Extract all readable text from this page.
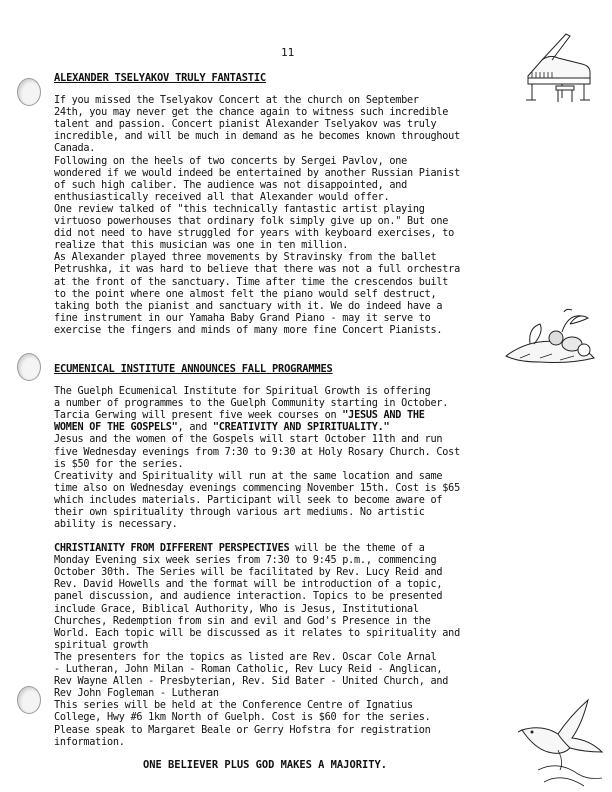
11
ALEXANDER TSELYAKOV TRULY FANTASTIC
If you missed the Tselyakov Concert at the church on September
24th, you may never get the chance again to witness such incredible
talent and passion. Concert pianist Alexander Tselyakov was truly
incredible, and will be much in demand as he becomes known throughout
Canada.
Following on the heels of two concerts by Sergei Pavlov, one
wondered if we would indeed be entertained by another Russian Pianist
of such high caliber. The audience was not disappointed, and
enthusiastically received all that Alexander would offer.
One review talked of "this technically fantastic artist playing
virtuoso powerhouses that ordinary folk simply give up on." But one
did not need to have struggled for years with keyboard exercises, to
realize that this musician was one in ten million.
As Alexander played three movements by Stravinsky from the ballet
Petrushka, it was hard to believe that there was not a full orchestra
at the front of the sanctuary. Time after time the crescendos built
to the point where one almost felt the piano would self destruct,
taking both the pianist and sanctuary with it. We do indeed have a
fine instrument in our Yamaha Baby Grand Piano - may it serve to
exercise the fingers and minds of many more fine Concert Pianists.
ECUMENICAL INSTITUTE ANNOUNCES FALL PROGRAMMES
The Guelph Ecumenical Institute for Spiritual Growth is offering
a number of programmes to the Guelph Community starting in October.
Tarcia Gerwing will present five week courses on "JESUS AND THE
WOMEN OF THE GOSPELS", and "CREATIVITY AND SPIRITUALITY."
Jesus and the women of the Gospels will start October 11th and run
five Wednesday evenings from 7:30 to 9:30 at Holy Rosary Church. Cost
is $50 for the series.
Creativity and Spirituality will run at the same location and same
time also on Wednesday evenings commencing November 15th. Cost is $65
which includes materials. Participant will seek to become aware of
their own spirituality through various art mediums. No artistic
ability is necessary.
CHRISTIANITY FROM DIFFERENT PERSPECTIVES will be the theme of a
Monday Evening six week series from 7:30 to 9:45 p.m., commencing
October 30th. The Series will be facilitated by Rev. Lucy Reid and
Rev. David Howells and the format will be introduction of a topic,
panel discussion, and audience interaction. Topics to be presented
include Grace, Biblical Authority, Who is Jesus, Institutional
Churches, Redemption from sin and evil and God's Presence in the
World. Each topic will be discussed as it relates to spirituality and
spiritual growth
The presenters for the topics as listed are Rev. Oscar Cole Arnal
- Lutheran, John Milan - Roman Catholic, Rev Lucy Reid - Anglican,
Rev Wayne Allen - Presbyterian, Rev. Sid Bater - United Church, and
Rev John Fogleman - Lutheran
This series will be held at the Conference Centre of Ignatius
College, Hwy #6 1km North of Guelph. Cost is $60 for the series.
Please speak to Margaret Beale or Gerry Hofstra for registration
information.
ONE BELIEVER PLUS GOD MAKES A MAJORITY.
